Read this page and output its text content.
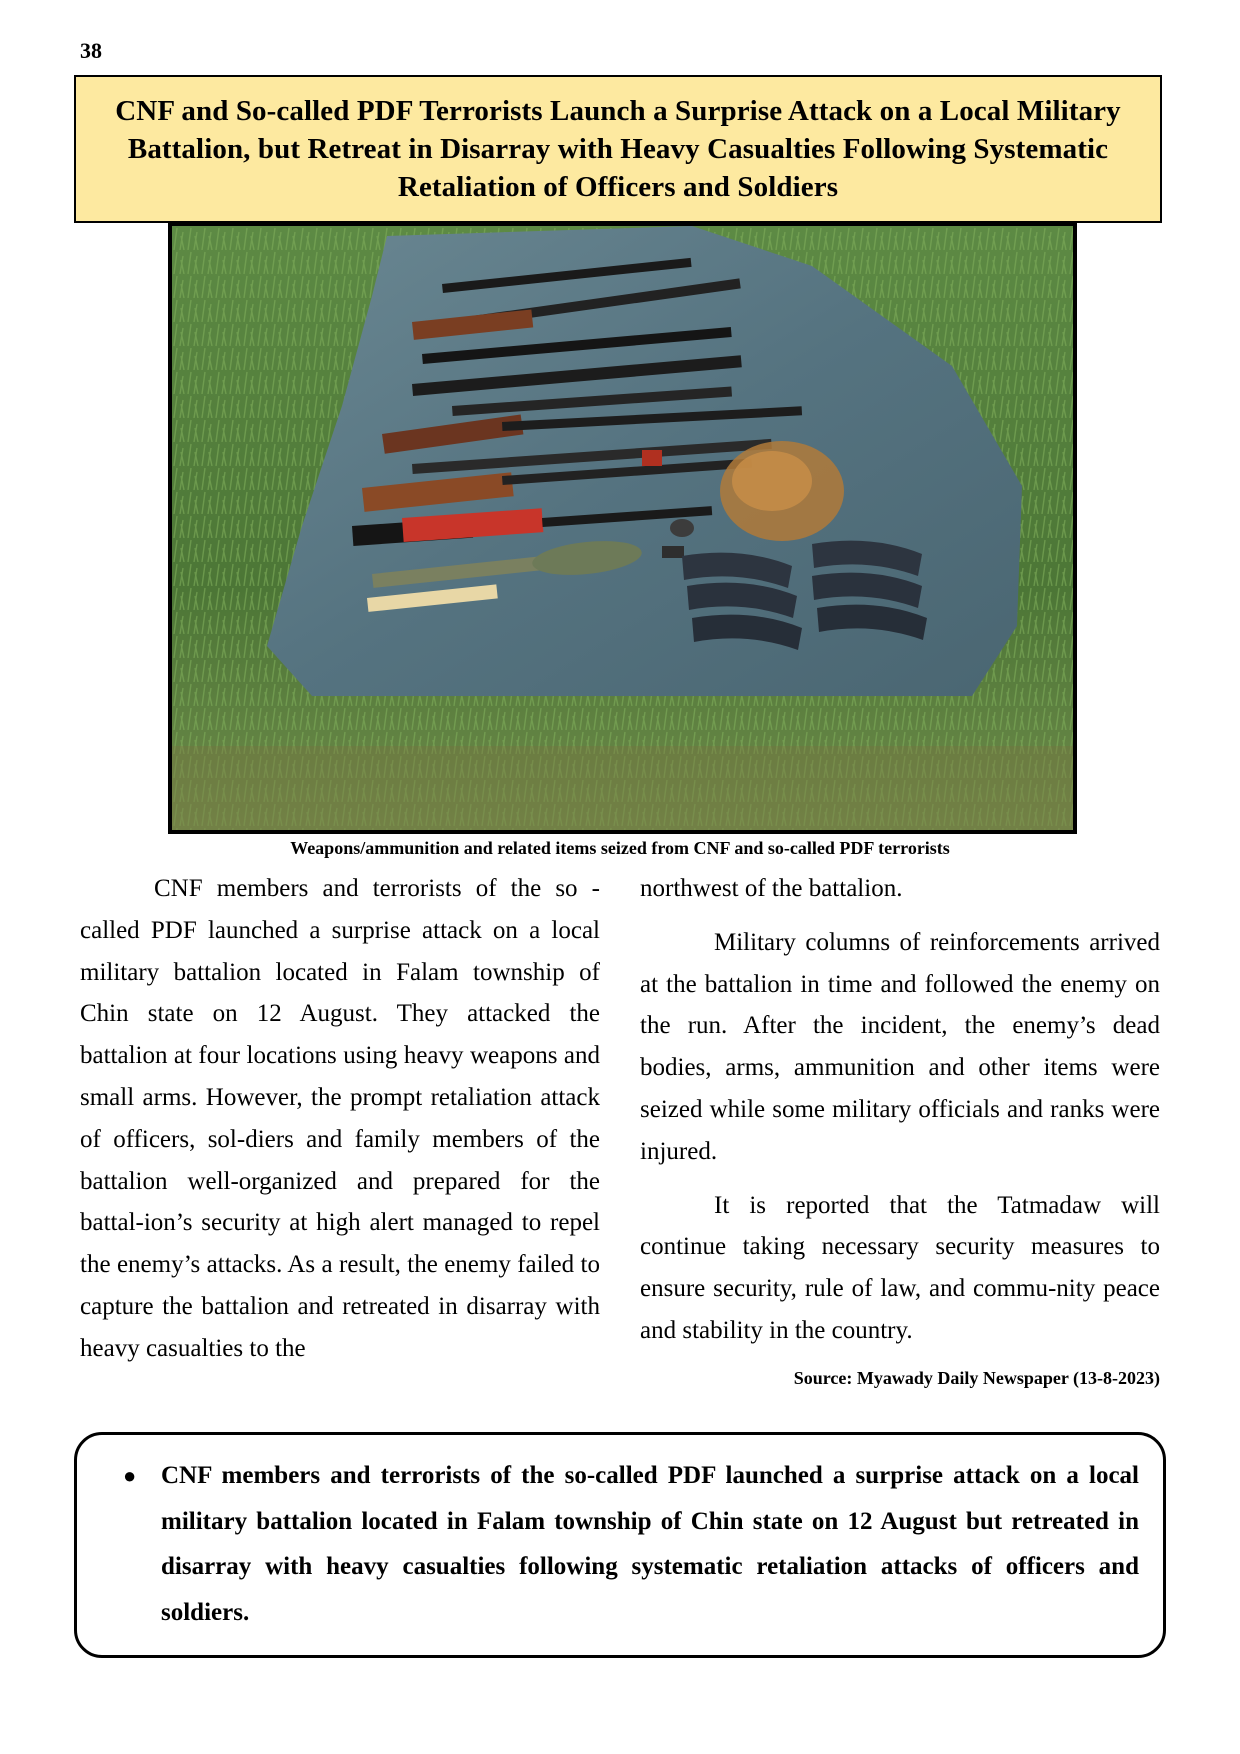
38
CNF and So-called PDF Terrorists Launch a Surprise Attack on a Local Military Battalion, but Retreat in Disarray with Heavy Casualties Following Systematic Retaliation of Officers and Soldiers
Weapons/ammunition and related items seized from CNF and so-called PDF terrorists

CNF members and terrorists of the so -called PDF launched a surprise attack on a local military battalion located in Falam township of Chin state on 12 August. They attacked the battalion at four locations using heavy weapons and small arms. However, the prompt retaliation attack of officers, sol-diers and family members of the battalion well-organized and prepared for the battal-ion’s security at high alert managed to repel the enemy’s attacks. As a result, the enemy failed to capture the battalion and retreated in disarray with heavy casualties to the

northwest of the battalion.

Military columns of reinforcements arrived at the battalion in time and followed the enemy on the run. After the incident, the enemy’s dead bodies, arms, ammunition and other items were seized while some military officials and ranks were injured.

It is reported that the Tatmadaw will continue taking necessary security measures to ensure security, rule of law, and commu-nity peace and stability in the country.

Source: Myawady Daily Newspaper (13-8-2023)

● CNF members and terrorists of the so-called PDF launched a surprise attack on a local military battalion located in Falam township of Chin state on 12 August but retreated in disarray with heavy casualties following systematic retaliation attacks of officers and soldiers.
